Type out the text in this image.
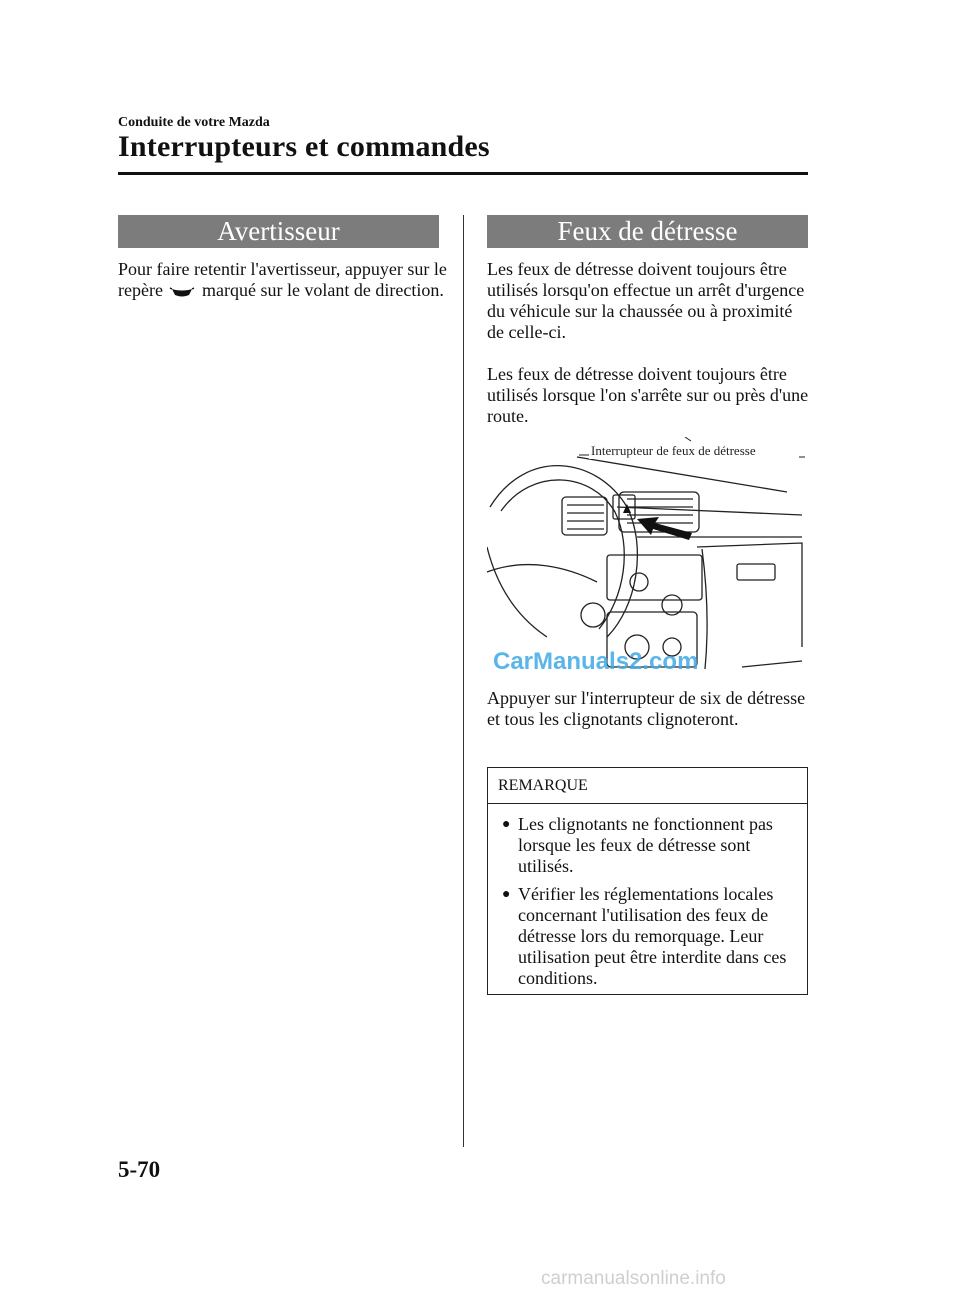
Conduite de votre Mazda
Interrupteurs et commandes
Avertisseur
Pour faire retentir l'avertisseur, appuyer sur le repère marqué sur le volant de direction.
Feux de détresse
Les feux de détresse doivent toujours être utilisés lorsqu'on effectue un arrêt d'urgence du véhicule sur la chaussée ou à proximité de celle-ci.
Les feux de détresse doivent toujours être utilisés lorsque l'on s'arrête sur ou près d'une route.
CarManuals2.com
Interrupteur de feux de détresse
Appuyer sur l'interrupteur de six de détresse et tous les clignotants clignoteront.
REMARQUE
● Les clignotants ne fonctionnent pas lorsque les feux de détresse sont utilisés.
● Vérifier les réglementations locales concernant l'utilisation des feux de détresse lors du remorquage. Leur utilisation peut être interdite dans ces conditions.
5-70
carmanualsonline.info
